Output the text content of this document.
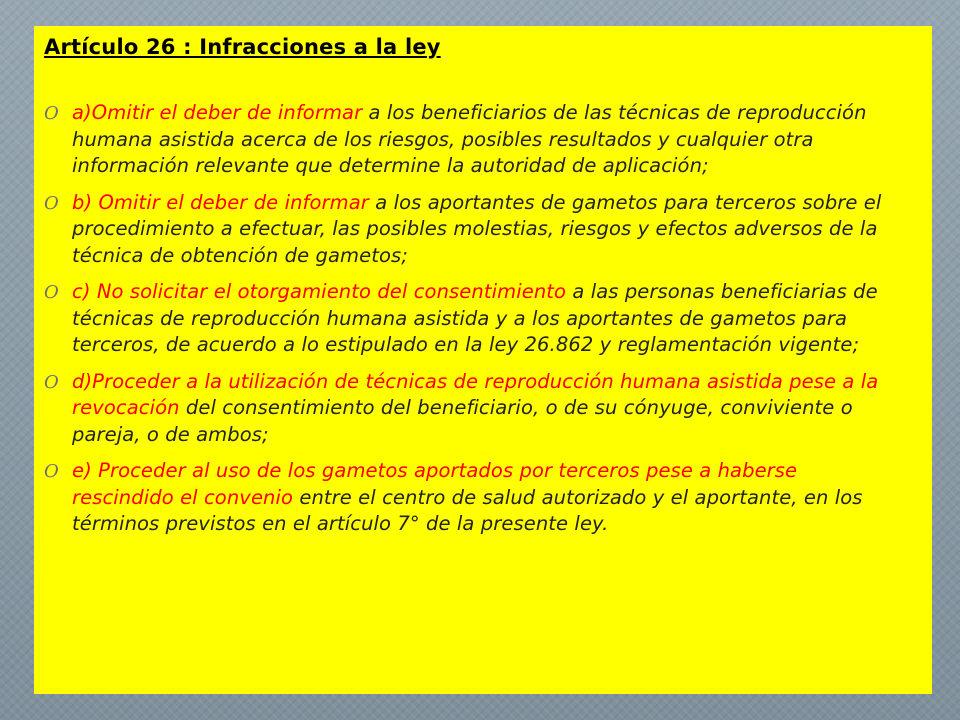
Artículo 26 : Infracciones a la ley
O a)Omitir el deber de informar a los beneficiarios de las técnicas de reproducción humana asistida acerca de los riesgos, posibles resultados y cualquier otra información relevante que determine la autoridad de aplicación;
O b) Omitir el deber de informar a los aportantes de gametos para terceros sobre el procedimiento a efectuar, las posibles molestias, riesgos y efectos adversos de la técnica de obtención de gametos;
O c) No solicitar el otorgamiento del consentimiento a las personas beneficiarias de técnicas de reproducción humana asistida y a los aportantes de gametos para terceros, de acuerdo a lo estipulado en la ley 26.862 y reglamentación vigente;
O d)Proceder a la utilización de técnicas de reproducción humana asistida pese a la revocación del consentimiento del beneficiario, o de su cónyuge, conviviente o pareja, o de ambos;
O e) Proceder al uso de los gametos aportados por terceros pese a haberse rescindido el convenio entre el centro de salud autorizado y el aportante, en los términos previstos en el artículo 7° de la presente ley.
